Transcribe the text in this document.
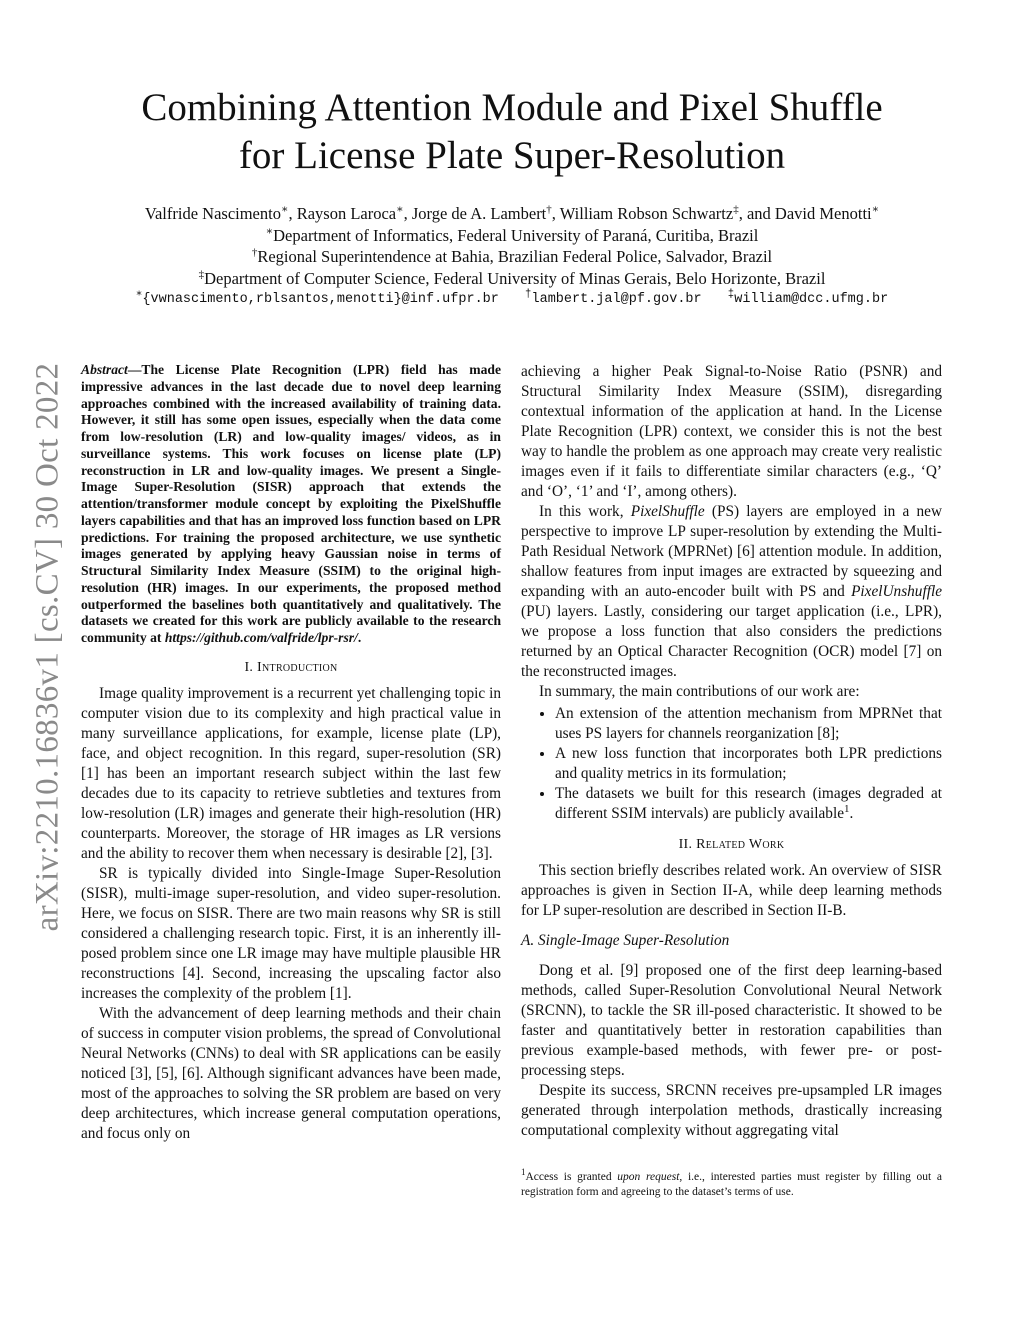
arXiv:2210.16836v1 [cs.CV] 30 Oct 2022
Combining Attention Module and Pixel Shuffle
for License Plate Super-Resolution
Valfride Nascimento∗, Rayson Laroca∗, Jorge de A. Lambert†, William Robson Schwartz‡, and David Menotti∗
∗Department of Informatics, Federal University of Paraná, Curitiba, Brazil
†Regional Superintendence at Bahia, Brazilian Federal Police, Salvador, Brazil
‡Department of Computer Science, Federal University of Minas Gerais, Belo Horizonte, Brazil
∗{vwnascimento,rblsantos,menotti}@inf.ufpr.br †lambert.jal@pf.gov.br ‡william@dcc.ufmg.br
Abstract—The License Plate Recognition (LPR) field has made impressive advances in the last decade due to novel deep learning approaches combined with the increased availability of training data. However, it still has some open issues, especially when the data come from low-resolution (LR) and low-quality images/ videos, as in surveillance systems. This work focuses on license plate (LP) reconstruction in LR and low-quality images. We present a Single-Image Super-Resolution (SISR) approach that extends the attention/transformer module concept by exploiting the PixelShuffle layers capabilities and that has an improved loss function based on LPR predictions. For training the proposed architecture, we use synthetic images generated by applying heavy Gaussian noise in terms of Structural Similarity Index Measure (SSIM) to the original high-resolution (HR) images. In our experiments, the proposed method outperformed the baselines both quantitatively and qualitatively. The datasets we created for this work are publicly available to the research community at https://github.com/valfride/lpr-rsr/.
I. Introduction

Image quality improvement is a recurrent yet challenging topic in computer vision due to its complexity and high practical value in many surveillance applications, for example, license plate (LP), face, and object recognition. In this regard, super-resolution (SR) [1] has been an important research subject within the last few decades due to its capacity to retrieve subtleties and textures from low-resolution (LR) images and generate their high-resolution (HR) counterparts. Moreover, the storage of HR images as LR versions and the ability to recover them when necessary is desirable [2], [3].

SR is typically divided into Single-Image Super-Resolution (SISR), multi-image super-resolution, and video super-resolution. Here, we focus on SISR. There are two main reasons why SR is still considered a challenging research topic. First, it is an inherently ill-posed problem since one LR image may have multiple plausible HR reconstructions [4]. Second, increasing the upscaling factor also increases the complexity of the problem [1].

With the advancement of deep learning methods and their chain of success in computer vision problems, the spread of Convolutional Neural Networks (CNNs) to deal with SR applications can be easily noticed [3], [5], [6]. Although significant advances have been made, most of the approaches to solving the SR problem are based on very deep architectures, which increase general computation operations, and focus only on

achieving a higher Peak Signal-to-Noise Ratio (PSNR) and Structural Similarity Index Measure (SSIM), disregarding contextual information of the application at hand. In the License Plate Recognition (LPR) context, we consider this is not the best way to handle the problem as one approach may create very realistic images even if it fails to differentiate similar characters (e.g., ‘Q’ and ‘O’, ‘1’ and ‘I’, among others).

In this work, PixelShuffle (PS) layers are employed in a new perspective to improve LP super-resolution by extending the Multi-Path Residual Network (MPRNet) [6] attention module. In addition, shallow features from input images are extracted by squeezing and expanding with an auto-encoder built with PS and PixelUnshuffle (PU) layers. Lastly, considering our target application (i.e., LPR), we propose a loss function that also considers the predictions returned by an Optical Character Recognition (OCR) model [7] on the reconstructed images.

In summary, the main contributions of our work are:

• An extension of the attention mechanism from MPRNet that uses PS layers for channels reorganization [8];
• A new loss function that incorporates both LPR predictions and quality metrics in its formulation;
• The datasets we built for this research (images degraded at different SSIM intervals) are publicly available$^1$.
II. Related Work

This section briefly describes related work. An overview of SISR approaches is given in Section II-A, while deep learning methods for LP super-resolution are described in Section II-B.

A. Single-Image Super-Resolution

Dong et al. [9] proposed one of the first deep learning-based methods, called Super-Resolution Convolutional Neural Network (SRCNN), to tackle the SR ill-posed characteristic. It showed to be faster and quantitatively better in restoration capabilities than previous example-based methods, with fewer pre- or post-processing steps.

Despite its success, SRCNN receives pre-upsampled LR images generated through interpolation methods, drastically increasing computational complexity without aggregating vital

$^1$Access is granted upon request, i.e., interested parties must register by filling out a registration form and agreeing to the dataset’s terms of use.
